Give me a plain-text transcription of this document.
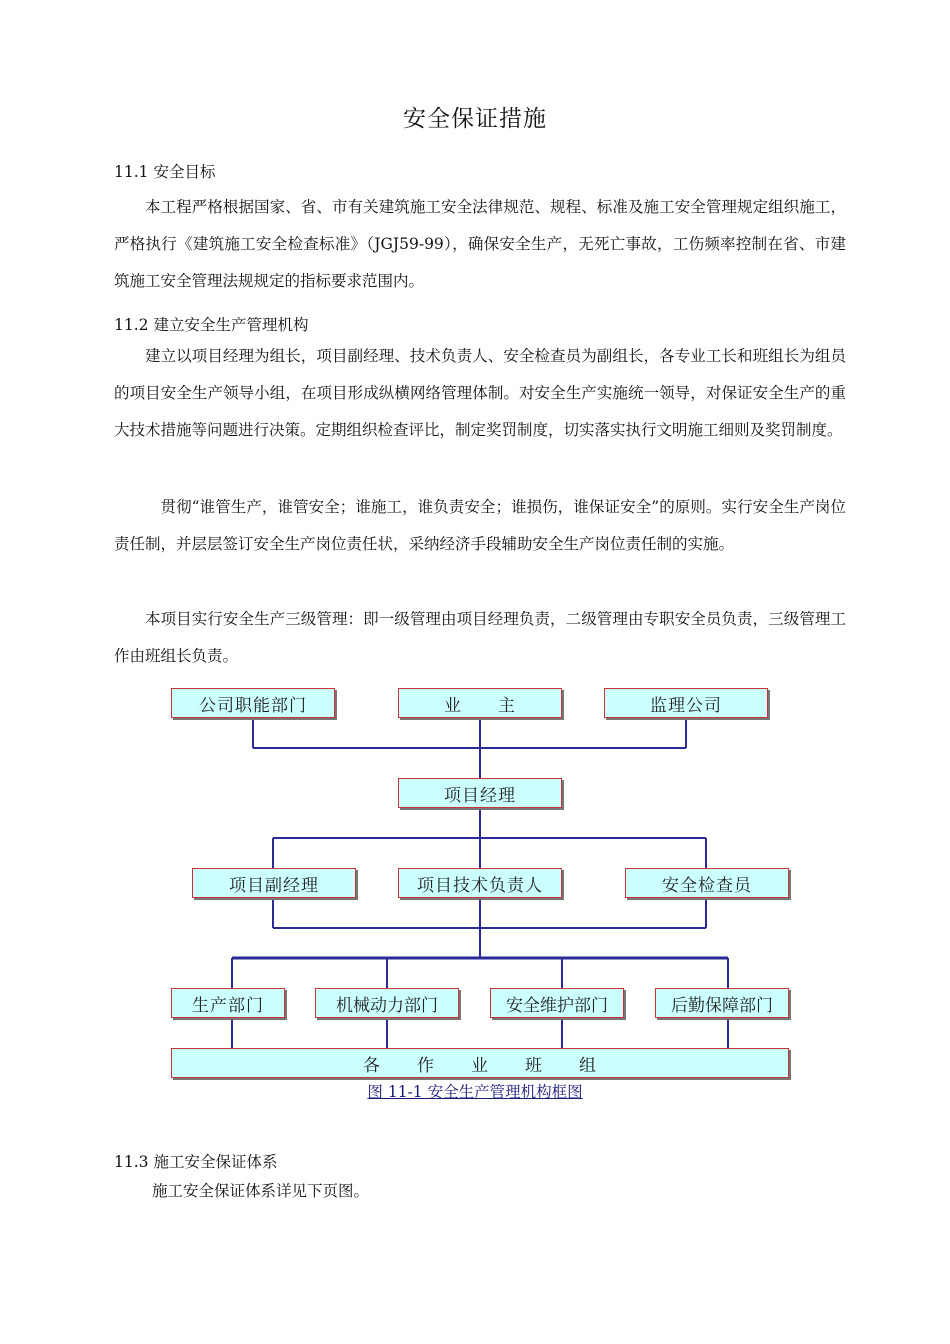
安全保证措施
11.1 安全目标

本工程严格根据国家、省、市有关建筑施工安全法律规范、规程、标准及施工安全管理规定组织施工，严格执行《建筑施工安全检查标准》（JGJ59-99），确保安全生产，无死亡事故，工伤频率控制在省、市建筑施工安全管理法规规定的指标要求范围内。

11.2 建立安全生产管理机构

建立以项目经理为组长，项目副经理、技术负责人、安全检查员为副组长，各专业工长和班组长为组员的项目安全生产领导小组，在项目形成纵横网络管理体制。对安全生产实施统一领导，对保证安全生产的重大技术措施等问题进行决策。定期组织检查评比，制定奖罚制度，切实落实执行文明施工细则及奖罚制度。

贯彻“谁管生产，谁管安全；谁施工，谁负责安全；谁损伤，谁保证安全”的原则。实行安全生产岗位责任制，并层层签订安全生产岗位责任状，采纳经济手段辅助安全生产岗位责任制的实施。

本项目实行安全生产三级管理：即一级管理由项目经理负责，二级管理由专职安全员负责，三级管理工作由班组长负责。

公司职能部门	业　　主	监理公司
项目经理
项目副经理	项目技术负责人	安全检查员
生产部门	机械动力部门	安全维护部门	后勤保障部门
各　　作　　业　　班　　组
图 11-1 安全生产管理机构框图
11.3 施工安全保证体系
施工安全保证体系详见下页图。
